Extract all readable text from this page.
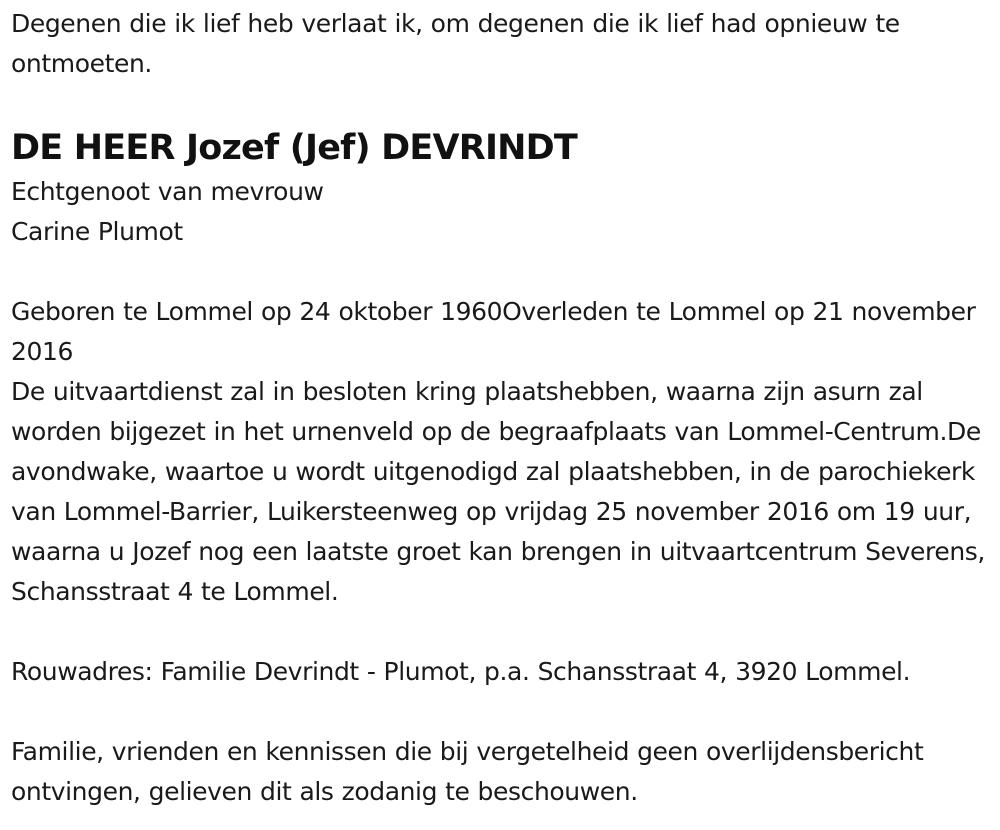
Degenen die ik lief heb verlaat ik, om degenen die ik lief had opnieuw te ontmoeten.

DE HEER Jozef (Jef) DEVRINDT

Echtgenoot van mevrouw

Carine Plumot

Geboren te Lommel op 24 oktober 1960Overleden te Lommel op 21 november 2016

De uitvaartdienst zal in besloten kring plaatshebben, waarna zijn asurn zal worden bijgezet in het urnenveld op de begraafplaats van Lommel-Centrum.De avondwake, waartoe u wordt uitgenodigd zal plaatshebben, in de parochiekerk van Lommel-Barrier, Luikersteenweg op vrijdag 25 november 2016 om 19 uur, waarna u Jozef nog een laatste groet kan brengen in uitvaartcentrum Severens, Schansstraat 4 te Lommel.

Rouwadres: Familie Devrindt - Plumot, p.a. Schansstraat 4, 3920 Lommel.

Familie, vrienden en kennissen die bij vergetelheid geen overlijdensbericht ontvingen, gelieven dit als zodanig te beschouwen.
